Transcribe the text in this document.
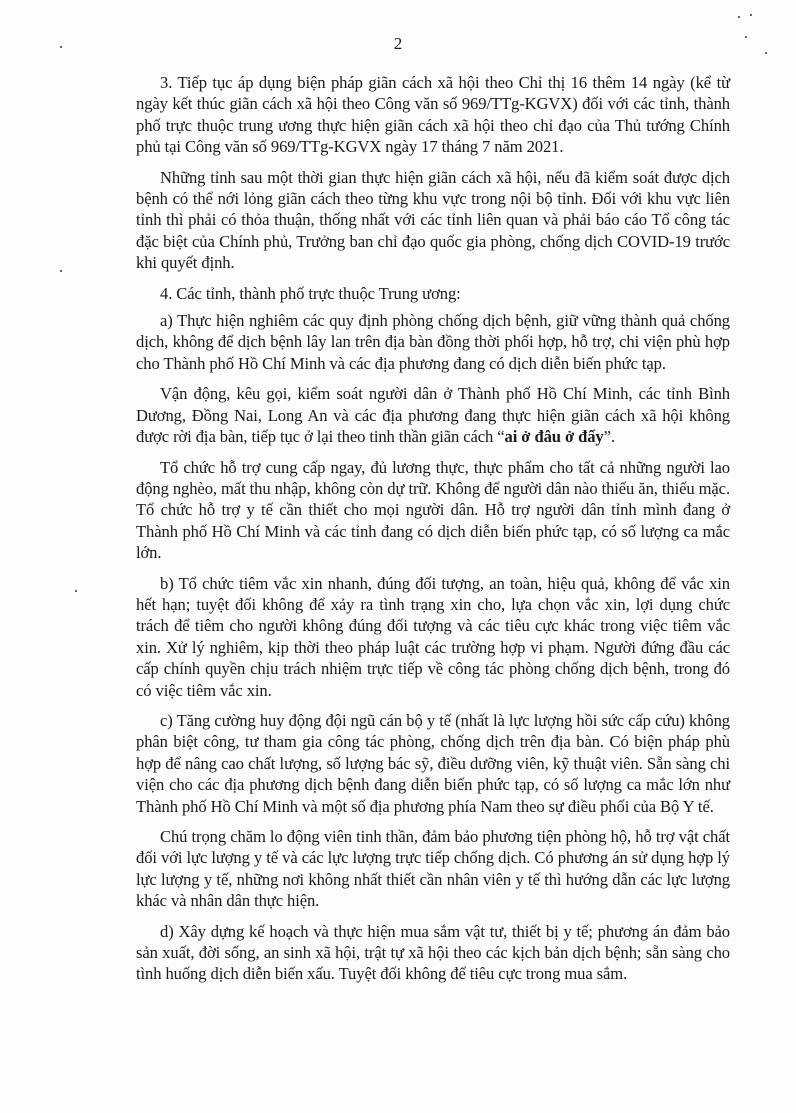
2

3. Tiếp tục áp dụng biện pháp giãn cách xã hội theo Chỉ thị 16 thêm 14 ngày (kể từ ngày kết thúc giãn cách xã hội theo Công văn số 969/TTg-KGVX) đối với các tỉnh, thành phố trực thuộc trung ương thực hiện giãn cách xã hội theo chỉ đạo của Thủ tướng Chính phủ tại Công văn số 969/TTg-KGVX ngày 17 tháng 7 năm 2021.

Những tỉnh sau một thời gian thực hiện giãn cách xã hội, nếu đã kiểm soát được dịch bệnh có thể nới lỏng giãn cách theo từng khu vực trong nội bộ tỉnh. Đối với khu vực liên tỉnh thì phải có thỏa thuận, thống nhất với các tỉnh liên quan và phải báo cáo Tổ công tác đặc biệt của Chính phủ, Trưởng ban chỉ đạo quốc gia phòng, chống dịch COVID-19 trước khi quyết định.

4. Các tỉnh, thành phố trực thuộc Trung ương:

a) Thực hiện nghiêm các quy định phòng chống dịch bệnh, giữ vững thành quả chống dịch, không để dịch bệnh lây lan trên địa bàn đồng thời phối hợp, hỗ trợ, chi viện phù hợp cho Thành phố Hồ Chí Minh và các địa phương đang có dịch diễn biến phức tạp.

Vận động, kêu gọi, kiểm soát người dân ở Thành phố Hồ Chí Minh, các tỉnh Bình Dương, Đồng Nai, Long An và các địa phương đang thực hiện giãn cách xã hội không được rời địa bàn, tiếp tục ở lại theo tinh thần giãn cách “ai ở đâu ở đấy”.

Tổ chức hỗ trợ cung cấp ngay, đủ lương thực, thực phẩm cho tất cả những người lao động nghèo, mất thu nhập, không còn dự trữ. Không để người dân nào thiếu ăn, thiếu mặc. Tổ chức hỗ trợ y tế cần thiết cho mọi người dân. Hỗ trợ người dân tỉnh mình đang ở Thành phố Hồ Chí Minh và các tỉnh đang có dịch diễn biến phức tạp, có số lượng ca mắc lớn.

b) Tổ chức tiêm vắc xin nhanh, đúng đối tượng, an toàn, hiệu quả, không để vắc xin hết hạn; tuyệt đối không để xảy ra tình trạng xin cho, lựa chọn vắc xin, lợi dụng chức trách để tiêm cho người không đúng đối tượng và các tiêu cực khác trong việc tiêm vắc xin. Xử lý nghiêm, kịp thời theo pháp luật các trường hợp vi phạm. Người đứng đầu các cấp chính quyền chịu trách nhiệm trực tiếp về công tác phòng chống dịch bệnh, trong đó có việc tiêm vắc xin.

c) Tăng cường huy động đội ngũ cán bộ y tế (nhất là lực lượng hồi sức cấp cứu) không phân biệt công, tư tham gia công tác phòng, chống dịch trên địa bàn. Có biện pháp phù hợp để nâng cao chất lượng, số lượng bác sỹ, điều dưỡng viên, kỹ thuật viên. Sẵn sàng chi viện cho các địa phương dịch bệnh đang diễn biến phức tạp, có số lượng ca mắc lớn như Thành phố Hồ Chí Minh và một số địa phương phía Nam theo sự điều phối của Bộ Y tế.

Chú trọng chăm lo động viên tinh thần, đảm bảo phương tiện phòng hộ, hỗ trợ vật chất đối với lực lượng y tế và các lực lượng trực tiếp chống dịch. Có phương án sử dụng hợp lý lực lượng y tế, những nơi không nhất thiết cần nhân viên y tế thì hướng dẫn các lực lượng khác và nhân dân thực hiện.

d) Xây dựng kế hoạch và thực hiện mua sắm vật tư, thiết bị y tế; phương án đảm bảo sản xuất, đời sống, an sinh xã hội, trật tự xã hội theo các kịch bản dịch bệnh; sẵn sàng cho tình huống dịch diễn biến xấu. Tuyệt đối không để tiêu cực trong mua sắm.
